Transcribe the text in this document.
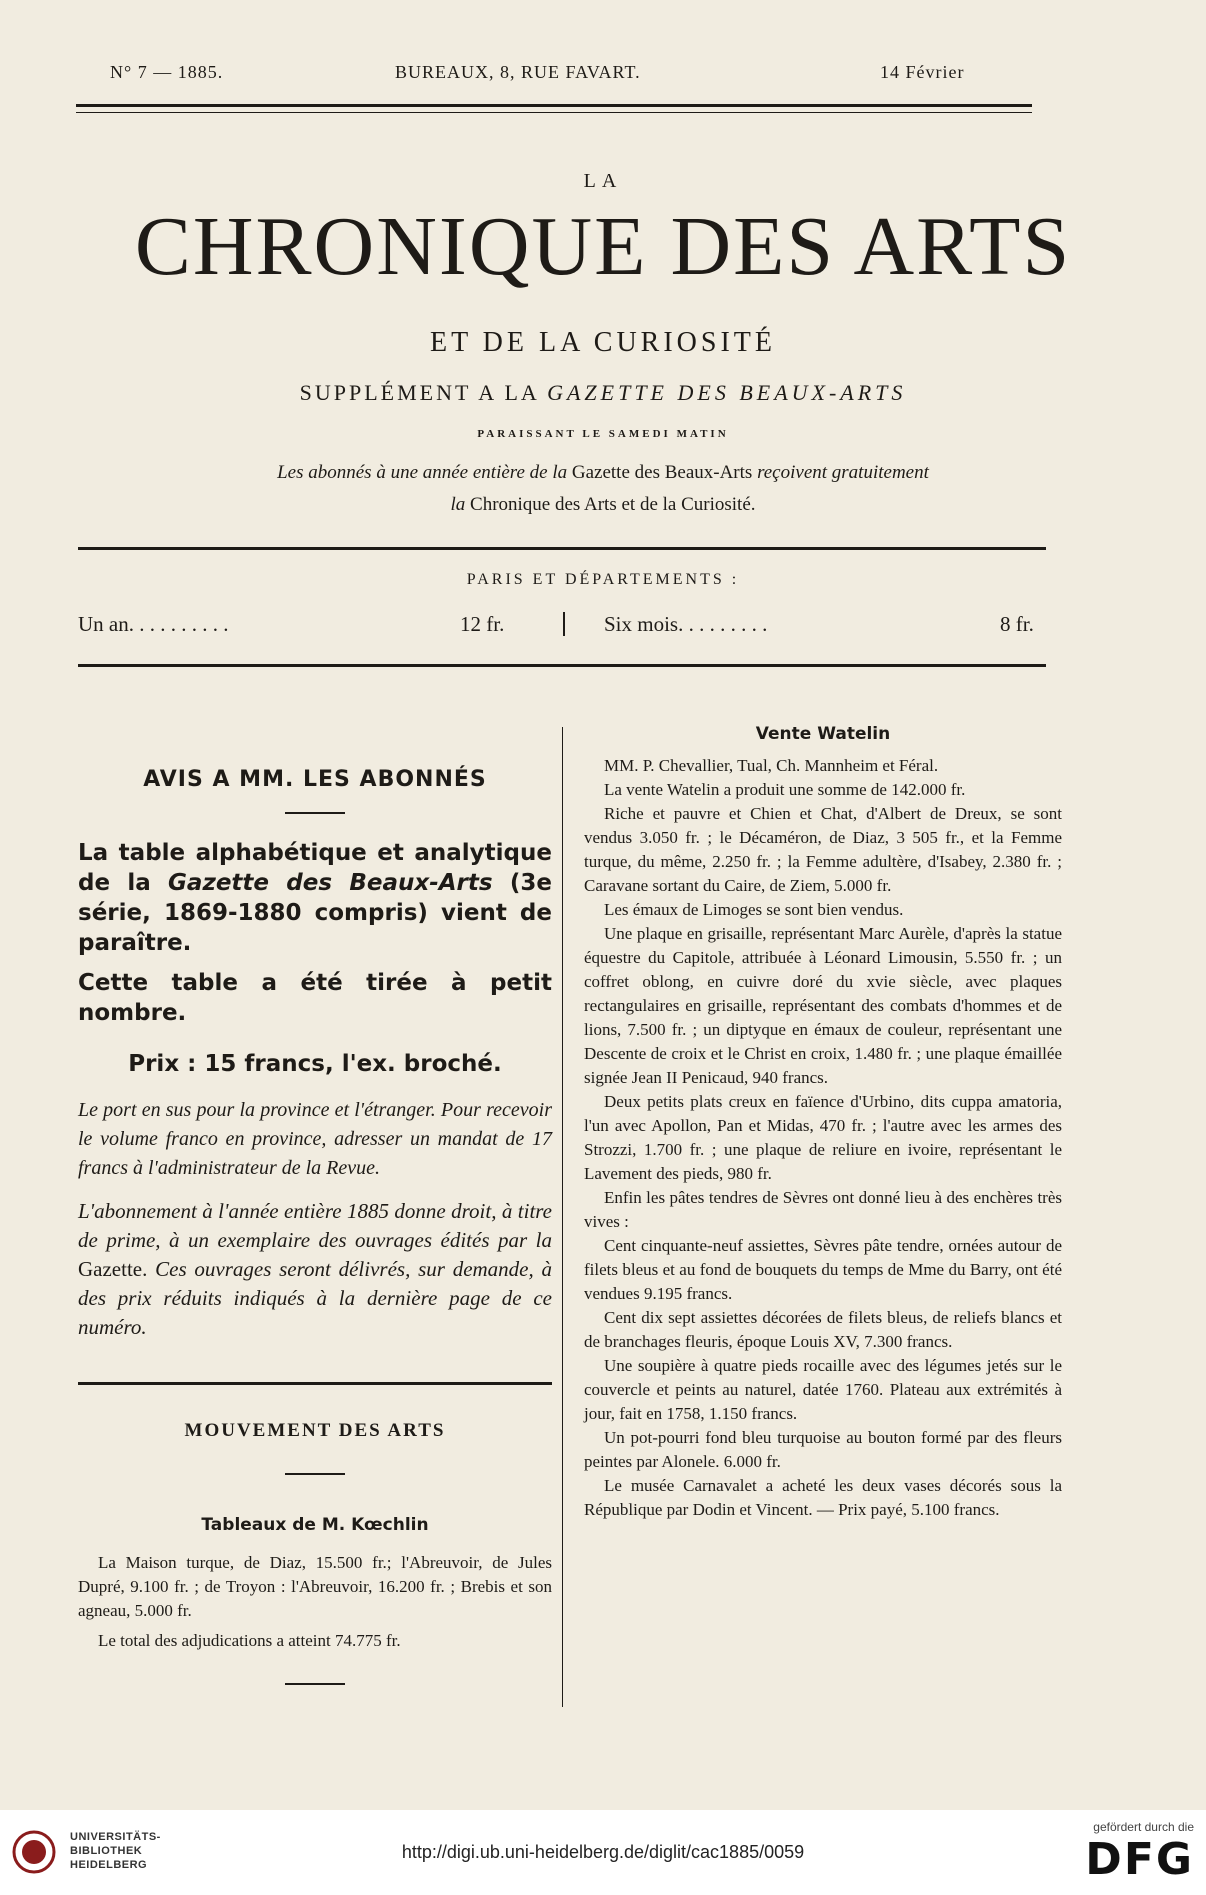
N° 7 — 1885.	BUREAUX, 8, RUE FAVART.	14 Février
LA
CHRONIQUE DES ARTS
ET DE LA CURIOSITÉ
SUPPLÉMENT A LA GAZETTE DES BEAUX-ARTS
PARAISSANT LE SAMEDI MATIN
Les abonnés à une année entière de la Gazette des Beaux-Arts reçoivent gratuitement
la Chronique des Arts et de la Curiosité.
PARIS ET DÉPARTEMENTS :
Un an. . . . . . . . . .	12 fr.	Six mois. . . . . . . . .	8 fr.
AVIS A MM. LES ABONNÉS

La table alphabétique et analytique de la Gazette des Beaux-Arts (3e série, 1869-1880 compris) vient de paraître.

Cette table a été tirée à petit nombre.

Prix : 15 francs, l'ex. broché.

Le port en sus pour la province et l'étranger. Pour recevoir le volume franco en province, adresser un mandat de 17 francs à l'administrateur de la Revue.

L'abonnement à l'année entière 1885 donne droit, à titre de prime, à un exemplaire des ouvrages édités par la Gazette. Ces ouvrages seront délivrés, sur demande, à des prix réduits indiqués à la dernière page de ce numéro.

MOUVEMENT DES ARTS
Tableaux de M. Kœchlin

La Maison turque, de Diaz, 15.500 fr.; l'Abreuvoir, de Jules Dupré, 9.100 fr. ; de Troyon : l'Abreuvoir, 16.200 fr. ; Brebis et son agneau, 5.000 fr.

Le total des adjudications a atteint 74.775 fr.

Vente Watelin

MM. P. Chevallier, Tual, Ch. Mannheim et Féral.

La vente Watelin a produit une somme de 142.000 fr.

Riche et pauvre et Chien et Chat, d'Albert de Dreux, se sont vendus 3.050 fr. ; le Décaméron, de Diaz, 3 505 fr., et la Femme turque, du même, 2.250 fr. ; la Femme adultère, d'Isabey, 2.380 fr. ; Caravane sortant du Caire, de Ziem, 5.000 fr.

Les émaux de Limoges se sont bien vendus.

Une plaque en grisaille, représentant Marc Aurèle, d'après la statue équestre du Capitole, attribuée à Léonard Limousin, 5.550 fr. ; un coffret oblong, en cuivre doré du xvie siècle, avec plaques rectangulaires en grisaille, représentant des combats d'hommes et de lions, 7.500 fr. ; un diptyque en émaux de couleur, représentant une Descente de croix et le Christ en croix, 1.480 fr. ; une plaque émaillée signée Jean II Penicaud, 940 francs.

Deux petits plats creux en faïence d'Urbino, dits cuppa amatoria, l'un avec Apollon, Pan et Midas, 470 fr. ; l'autre avec les armes des Strozzi, 1.700 fr. ; une plaque de reliure en ivoire, représentant le Lavement des pieds, 980 fr.

Enfin les pâtes tendres de Sèvres ont donné lieu à des enchères très vives :

Cent cinquante-neuf assiettes, Sèvres pâte tendre, ornées autour de filets bleus et au fond de bouquets du temps de Mme du Barry, ont été vendues 9.195 francs.

Cent dix sept assiettes décorées de filets bleus, de reliefs blancs et de branchages fleuris, époque Louis XV, 7.300 francs.

Une soupière à quatre pieds rocaille avec des légumes jetés sur le couvercle et peints au naturel, datée 1760. Plateau aux extrémités à jour, fait en 1758, 1.150 francs.

Un pot-pourri fond bleu turquoise au bouton formé par des fleurs peintes par Alonele. 6.000 fr.

Le musée Carnavalet a acheté les deux vases décorés sous la République par Dodin et Vincent. — Prix payé, 5.100 francs.

UNIVERSITÄTS-
BIBLIOTHEK
HEIDELBERG
http://digi.ub.uni-heidelberg.de/diglit/cac1885/0059
gefördert durch die
DFG
